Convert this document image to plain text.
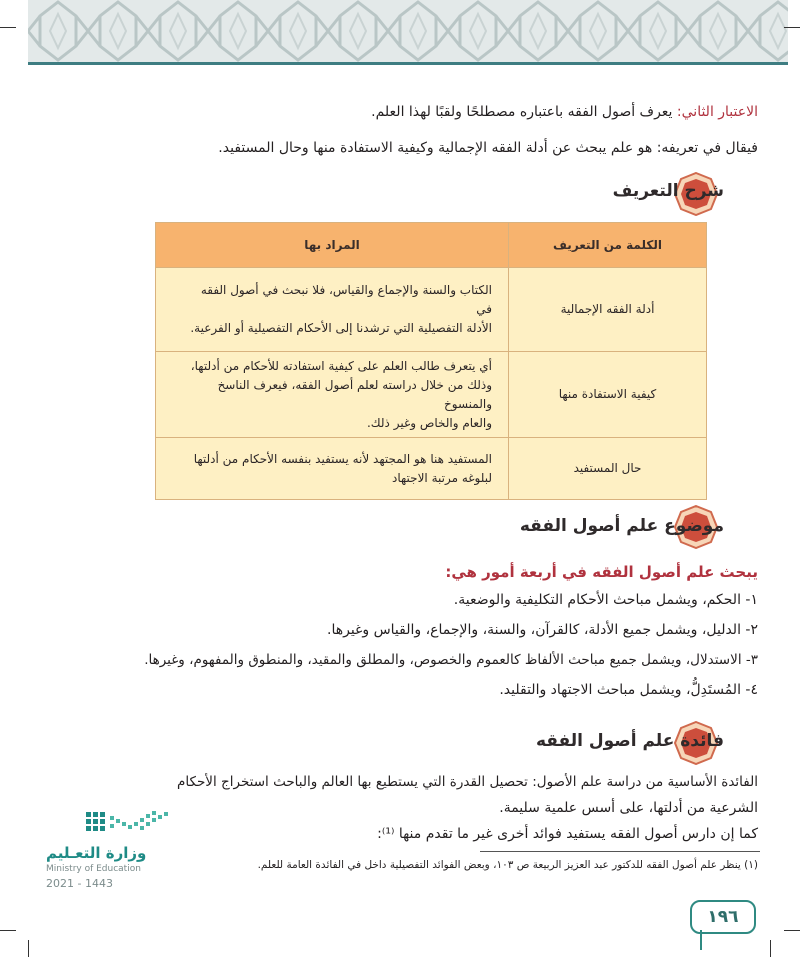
الاعتبار الثاني: يعرف أصول الفقه باعتباره مصطلحًا ولقبًا لهذا العلم.
فيقال في تعريفه: هو علم يبحث عن أدلة الفقه الإجمالية وكيفية الاستفادة منها وحال المستفيد.
شرح التعريف
الكلمة من التعريف	المراد بها
أدلة الفقه الإجمالية	الكتاب والسنة والإجماع والقياس، فلا نبحث في أصول الفقه في
الأدلة التفصيلية التي ترشدنا إلى الأحكام التفصيلية أو الفرعية.

كيفية الاستفادة منها	أي يتعرف طالب العلم على كيفية استفادته للأحكام من أدلتها،
وذلك من خلال دراسته لعلم أصول الفقه، فيعرف الناسخ والمنسوخ
والعام والخاص وغير ذلك.

حال المستفيد	المستفيد هنا هو المجتهد لأنه يستفيد بنفسه الأحكام من أدلتها
لبلوغه مرتبة الاجتهاد
موضوع علم أصول الفقه
يبحث علم أصول الفقه في أربعة أمور هي:
١- الحكم، ويشمل مباحث الأحكام التكليفية والوضعية.
٢- الدليل، ويشمل جميع الأدلة، كالقرآن، والسنة، والإجماع، والقياس وغيرها.
٣- الاستدلال، ويشمل جميع مباحث الألفاظ كالعموم والخصوص، والمطلق والمقيد، والمنطوق والمفهوم، وغيرها.
٤- المُستَدِلُّ، ويشمل مباحث الاجتهاد والتقليد.
فائدة علم أصول الفقه
الفائدة الأساسية من دراسة علم الأصول: تحصيل القدرة التي يستطيع بها العالم والباحث استخراج الأحكام
الشرعية من أدلتها، على أسس علمية سليمة.
كما إن دارس أصول الفقه يستفيد فوائد أخرى غير ما تقدم منها ⁽¹⁾:
(١) ينظر علم أصول الفقه للدكتور عبد العزيز الربيعة ص ١٠٣، وبعض الفوائد التفصيلية داخل في الفائدة العامة للعلم.
وزارة التعـليم
Ministry of Education
2021 - 1443
١٩٦
